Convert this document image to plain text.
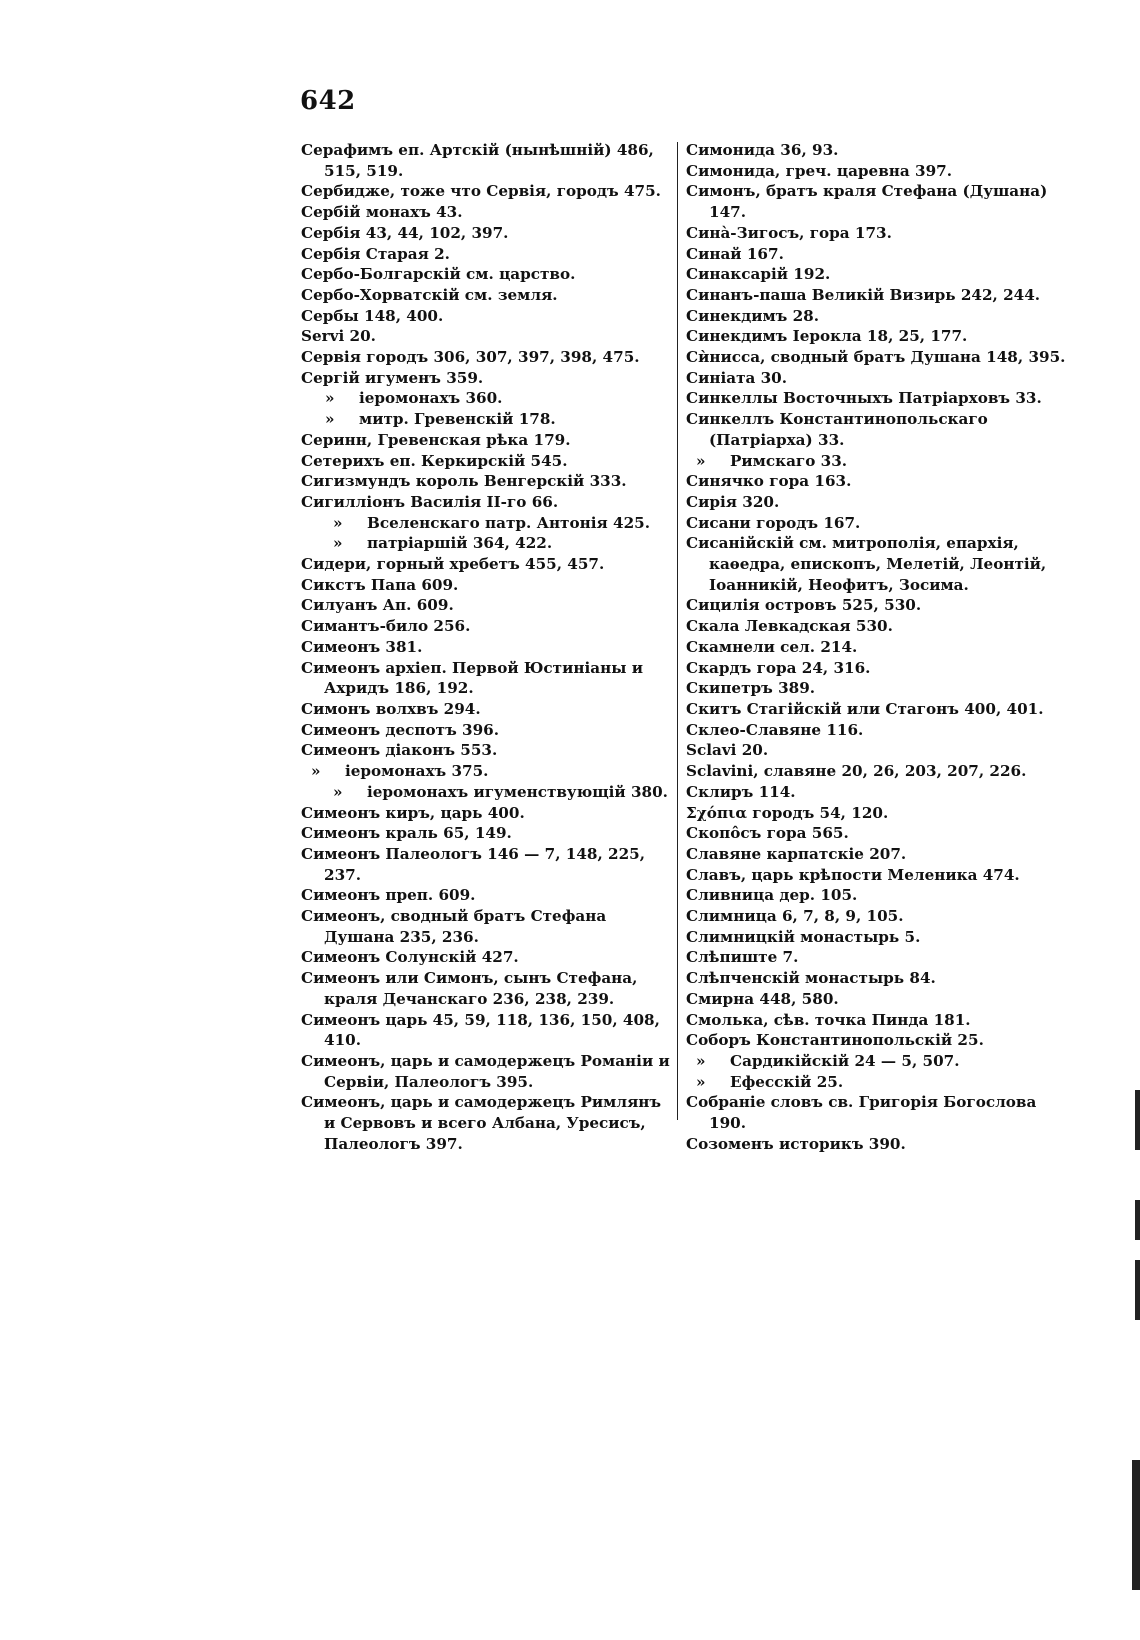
642
Серафимъ еп. Артскій (нынѣшній) 486, 515, 519.
Сербидже, тоже что Сервія, городъ 475.
Сербій монахъ 43.
Сербія 43, 44, 102, 397.
Сербія Старая 2.
Сербо-Болгарскій см. царство.
Сербо-Хорватскій см. земля.
Сербы 148, 400.
Servi 20.
Сервія городъ 306, 307, 397, 398, 475.
Сергій игуменъ 359.
» іеромонахъ 360.
» митр. Гревенскій 178.
Серинн, Гревенская рѣка 179.
Сетерихъ еп. Керкирскій 545.
Сигизмундъ король Венгерскій 333.
Сигилліонъ Василія II-го 66.
» Вселенскаго патр. Антонія 425.
» патріаршій 364, 422.
Сидери, горный хребетъ 455, 457.
Сикстъ Папа 609.
Силуанъ Ап. 609.
Симантъ-било 256.
Симеонъ 381.
Симеонъ архіеп. Первой Юстиніаны и Ахридъ 186, 192.
Симонъ волхвъ 294.
Симеонъ деспотъ 396.
Симеонъ діаконъ 553.
» іеромонахъ 375.
» іеромонахъ игуменствующій 380.
Симеонъ киръ, царь 400.
Симеонъ краль 65, 149.
Симеонъ Палеологъ 146 — 7, 148, 225, 237.
Симеонъ преп. 609.
Симеонъ, сводный братъ Стефана Душана 235, 236.
Симеонъ Солунскій 427.
Симеонъ или Симонъ, сынъ Стефана, краля Дечанскаго 236, 238, 239.
Симеонъ царь 45, 59, 118, 136, 150, 408, 410.
Симеонъ, царь и самодержецъ Романіи и Сервіи, Палеологъ 395.
Симеонъ, царь и самодержецъ Римлянъ и Сервовъ и всего Албана, Уресисъ, Палеологъ 397.
Симонида 36, 93.
Симонида, греч. царевна 397.
Симонъ, братъ краля Стефана (Душана) 147.
Синà-Зигосъ, гора 173.
Синай 167.
Синаксарій 192.
Синанъ-паша Великій Визирь 242, 244.
Синекдимъ 28.
Синекдимъ Іерокла 18, 25, 177.
Сѝнисса, сводный братъ Душана 148, 395.
Синіата 30.
Синкеллы Восточныхъ Патріарховъ 33.
Синкеллъ Константинопольскаго (Патріарха) 33.
» Римскаго 33.
Синячко гора 163.
Сирія 320.
Сисани городъ 167.
Сисанійскій см. митрополія, епархія, каѳедра, епископъ, Мелетій, Леонтій, Іоанникій, Неофитъ, Зосима.
Сицилія островъ 525, 530.
Скала Левкадская 530.
Скамнели сел. 214.
Скардъ гора 24, 316.
Скипетръ 389.
Скитъ Стагійскій или Стагонъ 400, 401.
Склео-Славяне 116.
Sclavi 20.
Sclavini, славяне 20, 26, 203, 207, 226.
Склиръ 114.
Σχόπια городъ 54, 120.
Скопôсъ гора 565.
Славяне карпатскіе 207.
Славъ, царь крѣпости Меленика 474.
Сливница дер. 105.
Слимница 6, 7, 8, 9, 105.
Слимницкій монастырь 5.
Слѣпиште 7.
Слѣпченскій монастырь 84.
Смирна 448, 580.
Смолька, сѣв. точка Пинда 181.
Соборъ Константинопольскій 25.
» Сардикійскій 24 — 5, 507.
» Ефесскій 25.
Собраніе словъ св. Григорія Богослова 190.
Созоменъ историкъ 390.
